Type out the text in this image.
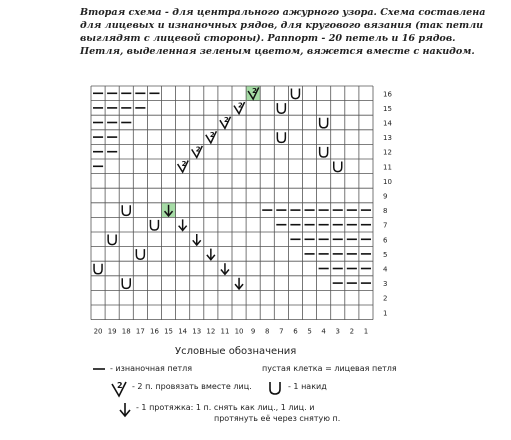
Вторая схема - для центрального ажурного узора. Схема составлена для лицевых и изнаночных рядов, для кругового вязания (так петли выглядят с лицевой стороны). Раппорт - 20 петель и 16 рядов. Петля, выделенная зеленым цветом, вяжется вместе с накидом.
16
15
14
13
12
11
10
9
8
7
6
5
4
3
2
1
20 19 18 17 16 15 14 13 12 11 10 9 8 7 6 5 4 3 2 1
2
2
2
2
2
2
Условные обозначения
- изнаночная петля	пустая клетка = лицевая петля
2 - 2 п. провязать вместе лиц.	- 1 накид
- 1 протяжка: 1 п. снять как лиц., 1 лиц. и
протянуть её через снятую п.
